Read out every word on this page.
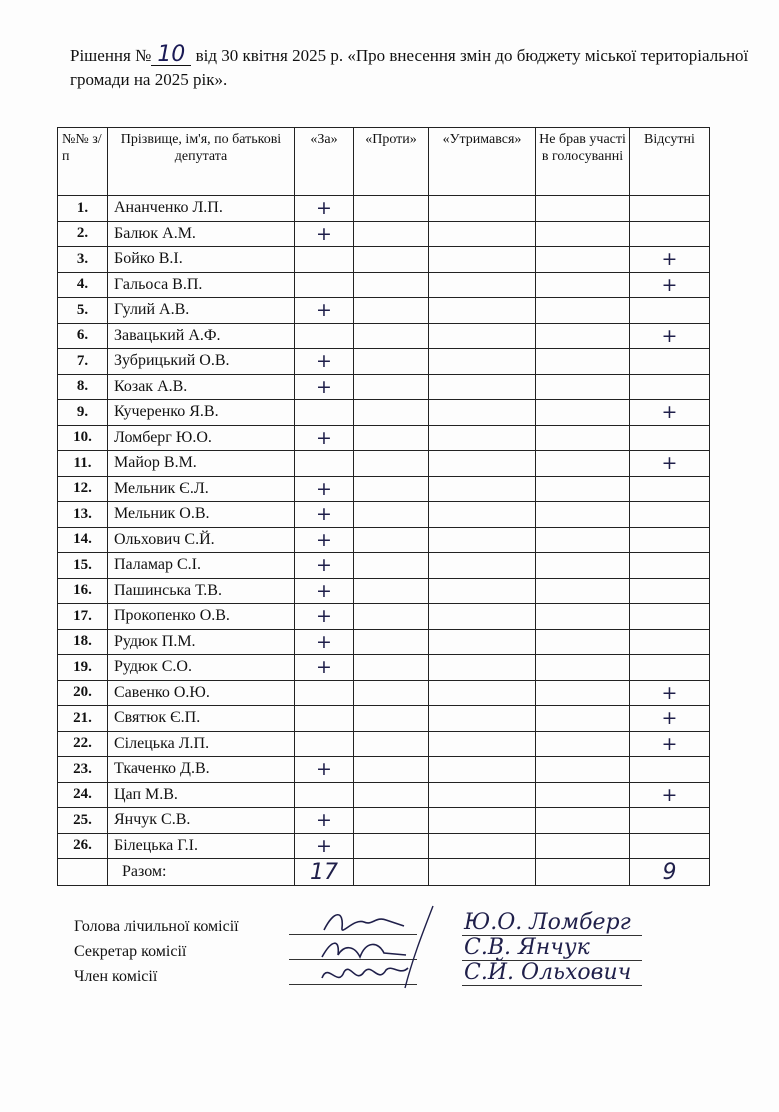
Рішення № 10 від 30 квітня 2025 р. «Про внесення змін до бюджету міської територіальної громади на 2025 рік».
№№ з/п	Прізвище, ім'я, по батькові депутата	«За»	«Проти»	«Утримався»	Не брав участі в голосуванні	Відсутні
1.	Ананченко Л.П.	+				
2.	Балюк А.М.	+				
3.	Бойко В.І.					+
4.	Гальоса В.П.					+
5.	Гулий А.В.	+				
6.	Завацький А.Ф.					+
7.	Зубрицький О.В.	+				
8.	Козак А.В.	+				
9.	Кучеренко Я.В.					+
10.	Ломберг Ю.О.	+				
11.	Майор В.М.					+
12.	Мельник Є.Л.	+				
13.	Мельник О.В.	+				
14.	Ольхович С.Й.	+				
15.	Паламар С.І.	+				
16.	Пашинська Т.В.	+				
17.	Прокопенко О.В.	+				
18.	Рудюк П.М.	+				
19.	Рудюк С.О.	+				
20.	Савенко О.Ю.					+
21.	Святюк Є.П.					+
22.	Сілецька Л.П.					+
23.	Ткаченко Д.В.	+				
24.	Цап М.В.					+
25.	Янчук С.В.	+				
26.	Білецька Г.І.	+				
	Разом:	17				9
Голова лічильної комісії	Ю.О. Ломберг
Секретар комісії	С.В. Янчук
Член комісії	С.Й. Ольхович
